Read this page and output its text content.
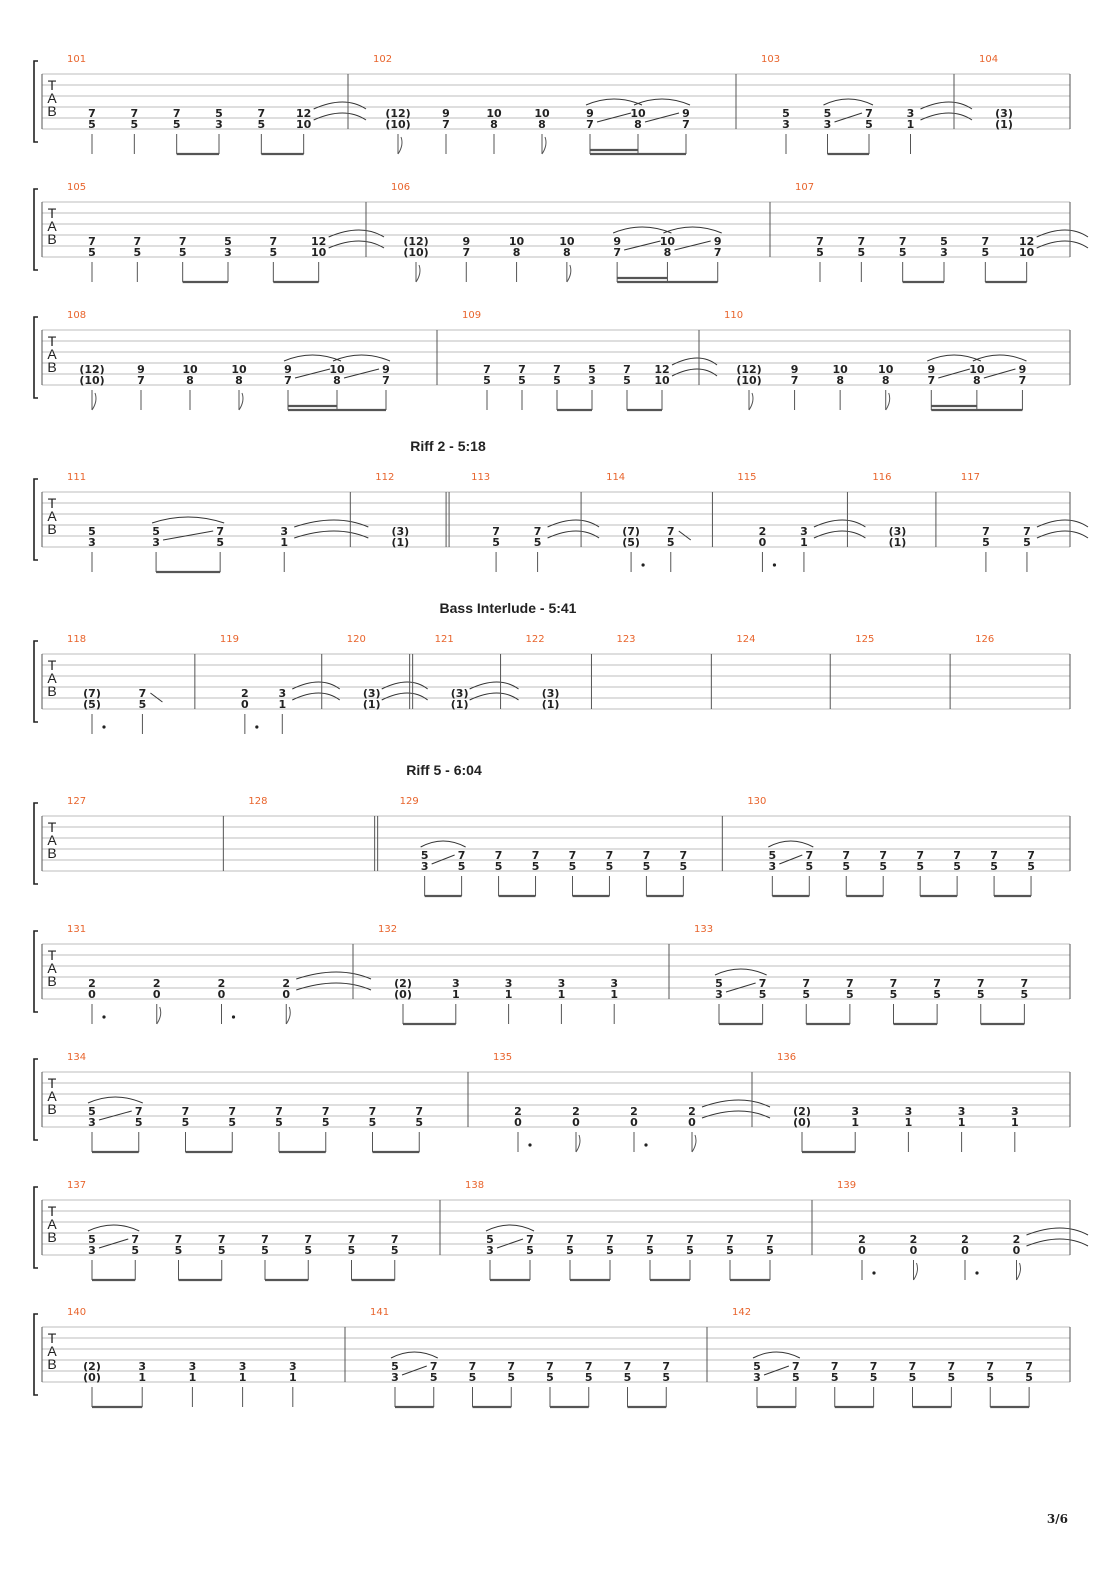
Riff 2 - 5:18
Bass Interlude - 5:41
Riff 5 - 6:04
T
A
B
101
7
5
7
5
7
5
5
3
7
5
12
10
102
(12)
(10)
9
7
10
8
10
8
9
7
10
8
9
7
103
5
3
5
3
7
5
3
1
104
(3)
(1)
T
A
B
105
7
5
7
5
7
5
5
3
7
5
12
10
106
(12)
(10)
9
7
10
8
10
8
9
7
10
8
9
7
107
7
5
7
5
7
5
5
3
7
5
12
10
T
A
B
108
(12)
(10)
9
7
10
8
10
8
9
7
10
8
9
7
109
7
5
7
5
7
5
5
3
7
5
12
10
110
(12)
(10)
9
7
10
8
10
8
9
7
10
8
9
7
T
A
B
111
5
3
5
3
7
5
3
1
112
(3)
(1)
113
7
5
7
5
114
(7)
(5)
7
5
115
2
0
3
1
116
(3)
(1)
117
7
5
7
5
T
A
B
118
(7)
(5)
7
5
119
2
0
3
1
120
(3)
(1)
121
(3)
(1)
122
(3)
(1)
123	124	125	126
T
A
B
127	128	129
5
3
7
5
7
5
7
5
7
5
7
5
7
5
7
5
130
5
3
7
5
7
5
7
5
7
5
7
5
7
5
7
5
T
A
B
131
2
0
2
0
2
0
2
0
132
(2)
(0)
3
1
3
1
3
1
3
1
133
5
3
7
5
7
5
7
5
7
5
7
5
7
5
7
5
T
A
B
134
5
3
7
5
7
5
7
5
7
5
7
5
7
5
7
5
135
2
0
2
0
2
0
2
0
136
(2)
(0)
3
1
3
1
3
1
3
1
T
A
B
137
5
3
7
5
7
5
7
5
7
5
7
5
7
5
7
5
138
5
3
7
5
7
5
7
5
7
5
7
5
7
5
7
5
139
2
0
2
0
2
0
2
0
T
A
B
140
(2)
(0)
3
1
3
1
3
1
3
1
141
5
3
7
5
7
5
7
5
7
5
7
5
7
5
7
5
142
5
3
7
5
7
5
7
5
7
5
7
5
7
5
7
5
3/6
